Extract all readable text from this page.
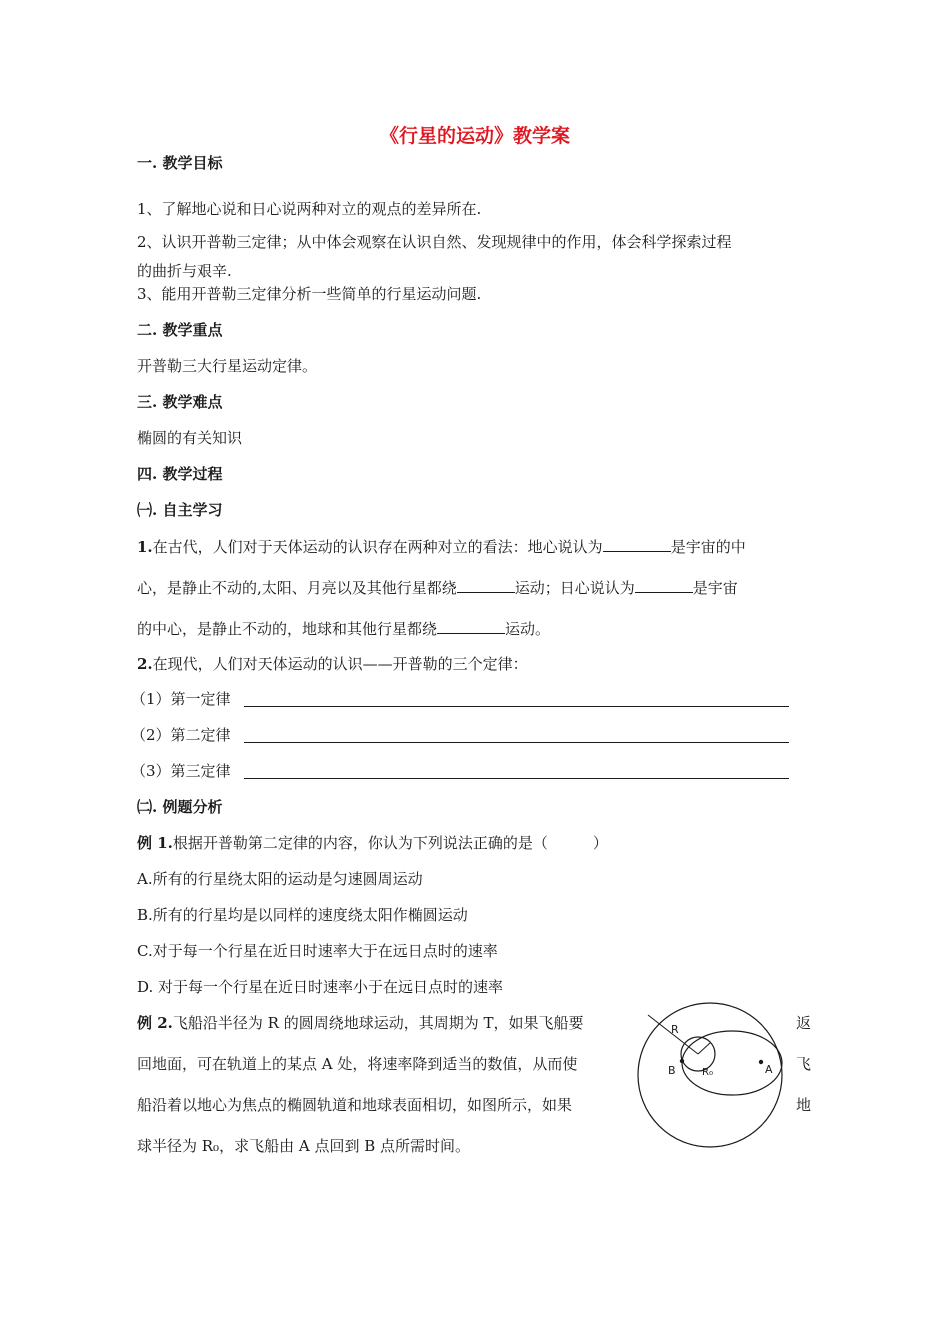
《行星的运动》教学案
一. 教学目标
1、了解地心说和日心说两种对立的观点的差异所在.
2、认识开普勒三定律；从中体会观察在认识自然、发现规律中的作用，体会科学探索过程
的曲折与艰辛.
3、能用开普勒三定律分析一些简单的行星运动问题.
二. 教学重点
开普勒三大行星运动定律。
三. 教学难点
椭圆的有关知识
四. 教学过程
㈠. 自主学习
1.在古代，人们对于天体运动的认识存在两种对立的看法：地心说认为	是宇宙的中
心，是静止不动的,太阳、月亮以及其他行星都绕	运动；日心说认为	是宇宙
的中心，是静止不动的，地球和其他行星都绕	运动。
2.在现代，人们对天体运动的认识——开普勒的三个定律：
（1）第一定律
（2）第二定律
（3）第三定律
㈡. 例题分析
例 1.根据开普勒第二定律的内容，你认为下列说法正确的是（　　　）
A.所有的行星绕太阳的运动是匀速圆周运动
B.所有的行星均是以同样的速度绕太阳作椭圆运动
C.对于每一个行星在近日时速率大于在远日点时的速率
D. 对于每一个行星在近日时速率小于在远日点时的速率
例 2.飞船沿半径为 R 的圆周绕地球运动，其周期为 T，如果飞船要	返
回地面，可在轨道上的某点 A 处，将速率降到适当的数值，从而使	飞
船沿着以地心为焦点的椭圆轨道和地球表面相切，如图所示，如果	地
球半径为 R₀，求飞船由 A 点回到 B 点所需时间。
R
B	R₀	A
